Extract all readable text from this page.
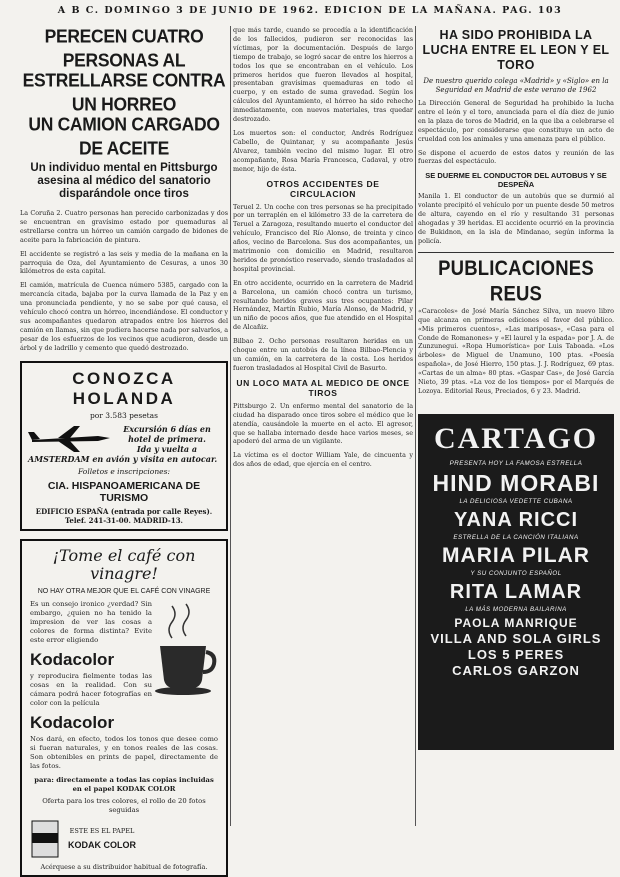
A B C. DOMINGO 3 DE JUNIO DE 1962. EDICION DE LA MAÑANA. PAG. 103
PERECEN CUATRO PERSONAS AL
ESTRELLARSE CONTRA UN HORREO
UN CAMION CARGADO DE ACEITE
Un individuo mental en Pittsburgo asesina al médico del sanatorio disparándole once tiros

La Coruña 2. Cuatro personas han perecido carbonizadas y dos se encuentran en gravísimo estado por quemaduras al estrellarse contra un hórreo un camión cargado de bidones de aceite para la fabricación de pintura.

El accidente se registró a las seis y media de la mañana en la parroquia de Oza, del Ayuntamiento de Cesuras, a unos 30 kilómetros de esta capital.

El camión, matrícula de Cuenca número 5385, cargado con la mercancía citada, bajaba por la curva llamada de la Paz y en una pronunciada pendiente, y no se sabe por qué causa, el vehículo chocó contra un hórreo, incendiándose. El conductor y sus acompañantes quedaron atrapados entre los hierros del camión en llamas, sin que pudiera hacerse nada por salvarlos, a pesar de los esfuerzos de los vecinos que acudieron, desde un árbol y de ladrillo y cemento que quedó destrozado.

CONOZCA HOLANDA
por 3.583 pesetas
Excursión 6 días en
hotel de primera.
Ida y vuelta a
AMSTERDAM en avión y visita en autocar.
Folletos e inscripciones:
CIA. HISPANOAMERICANA DE TURISMO
EDIFICIO ESPAÑA (entrada por calle Reyes). Telef. 241-31-00. MADRID-13.
¡Tome el café con vinagre!
NO HAY OTRA MEJOR QUE EL CAFÉ CON VINAGRE
Es un consejo ironico ¿verdad? Sin embargo, ¿quien no ha tenido la impresion de ver las cosas a colores de forma distinta? Evite este error eligiendo
Kodacolor
y reproducira fielmente todas las cosas en la realidad. Con su cámara podrá hacer fotografías en color con la película
Kodacolor
Nos dará, en efecto, todos los tonos que desee como si fueran naturales, y en tonos reales de las cosas. Son obtenibles en prints de papel, directamente de las fotos.
para: directamente a todas las copias incluidas en el papel KODAK COLOR
Oferta para los tres colores, el rollo de 20 fotos seguidas
ESTE ES EL PAPEL
KODAK COLOR
Acérquese a su distribuidor habitual de fotografía.

que más tarde, cuando se procedía a la identificación de los fallecidos, pudieron ser reconocidas las víctimas, por la documentación. Después de largo tiempo de trabajo, se logró sacar de entre los hierros a todos los que se encontraban en el vehículo. Los primeros heridos que fueron llevados al hospital, presentaban gravísimas quemaduras en todo el cuerpo, y en estado de suma gravedad. Según los cálculos del Ayuntamiento, el hórreo ha sido rehecho inmediatamente, con nuevos materiales, tras quedar destrozado.

Los muertos son: el conductor, Andrés Rodríguez Cabello, de Quintanar, y su acompañante Jesús Alvarez, también vecino del mismo lugar. El otro acompañante, Rosa María Francesca, Cadaval, y otro menor, hijo de ésta.

OTROS ACCIDENTES DE CIRCULACION

Teruel 2. Un coche con tres personas se ha precipitado por un terraplén en el kilómetro 33 de la carretera de Teruel a Zaragoza, resultando muerto el conductor del vehículo, Francisco del Río Alonso, de treinta y cinco años, vecino de Barcelona. Sus dos acompañantes, un matrimonio con domicilio en Madrid, resultaron heridos de pronóstico reservado, siendo trasladados al hospital provincial.

En otro accidente, ocurrido en la carretera de Madrid a Barcelona, un camión chocó contra un turismo, resultando heridos graves sus tres ocupantes: Pilar Hernández, Martín Rubio, María Alonso, de Madrid, y un niño de pocos años, que fue atendido en el Hospital de Alcañiz.

Bilbao 2. Ocho personas resultaron heridas en un choque entre un autobús de la línea Bilbao-Plencia y un camión, en la carretera de la costa. Los heridos fueron trasladados al Hospital Civil de Basurto.

UN LOCO MATA AL MEDICO DE ONCE TIROS

Pittsburgo 2. Un enfermo mental del sanatorio de la ciudad ha disparado once tiros sobre el médico que le atendía, causándole la muerte en el acto. El agresor, que se hallaba internado desde hace varios meses, se apoderó del arma de un vigilante.

La víctima es el doctor William Yale, de cincuenta y dos años de edad, que ejercía en el centro.

HA SIDO PROHIBIDA LA LUCHA ENTRE EL LEON Y EL TORO
De nuestro querido colega «Madrid» y «Siglo» en la Seguridad en Madrid de este verano de 1962

La Dirección General de Seguridad ha prohibido la lucha entre el león y el toro, anunciada para el día diez de junio en la plaza de toros de Madrid, en la que iba a celebrarse el espectáculo, por considerarse que constituye un acto de crueldad con los animales y una amenaza para el público.

Se dispone el acuerdo de estos datos y reunión de las fuerzas del espectáculo.

SE DUERME EL CONDUCTOR DEL AUTOBUS Y SE DESPEÑA

Manila 1. El conductor de un autobús que se durmió al volante precipitó el vehículo por un puente desde 50 metros de altura, cayendo en el río y resultando 31 personas ahogadas y 39 heridas. El accidente ocurrió en la provincia de Bukidnon, en la isla de Mindanao, según informa la policía.

PUBLICACIONES REUS

«Caracoles» de José María Sánchez Silva, un nuevo libro que alcanza en primeras ediciones el favor del público. «Mis primeros cuentos», «Las mariposas», «Casa para el Conde de Romanones» y «El laurel y la espada» por J. A. de Zunzunegui. «Ropa Humorística» por Luis Taboada. «Los árboles» de Miguel de Unamuno, 100 ptas. «Poesía española», de José Hierro, 150 ptas. J. J. Rodríguez, 69 ptas. «Cartas de un alma» 80 ptas. «Gaspar Cas», de José García Nieto, 39 ptas. «La voz de los tiempos» por el Marqués de Lozoya. Editorial Reus, Preciados, 6 y 23. Madrid.

CARTAGO
PRESENTA HOY LA FAMOSA ESTRELLA
HIND MORABI
LA DELICIOSA VEDETTE CUBANA
YANA RICCI
ESTRELLA DE LA CANCIÓN ITALIANA
MARIA PILAR
Y SU CONJUNTO ESPAÑOL
RITA LAMAR
LA MÁS MODERNA BAILARINA
PAOLA MANRIQUE
VILLA AND SOLA GIRLS
LOS 5 PERES
CARLOS GARZON
